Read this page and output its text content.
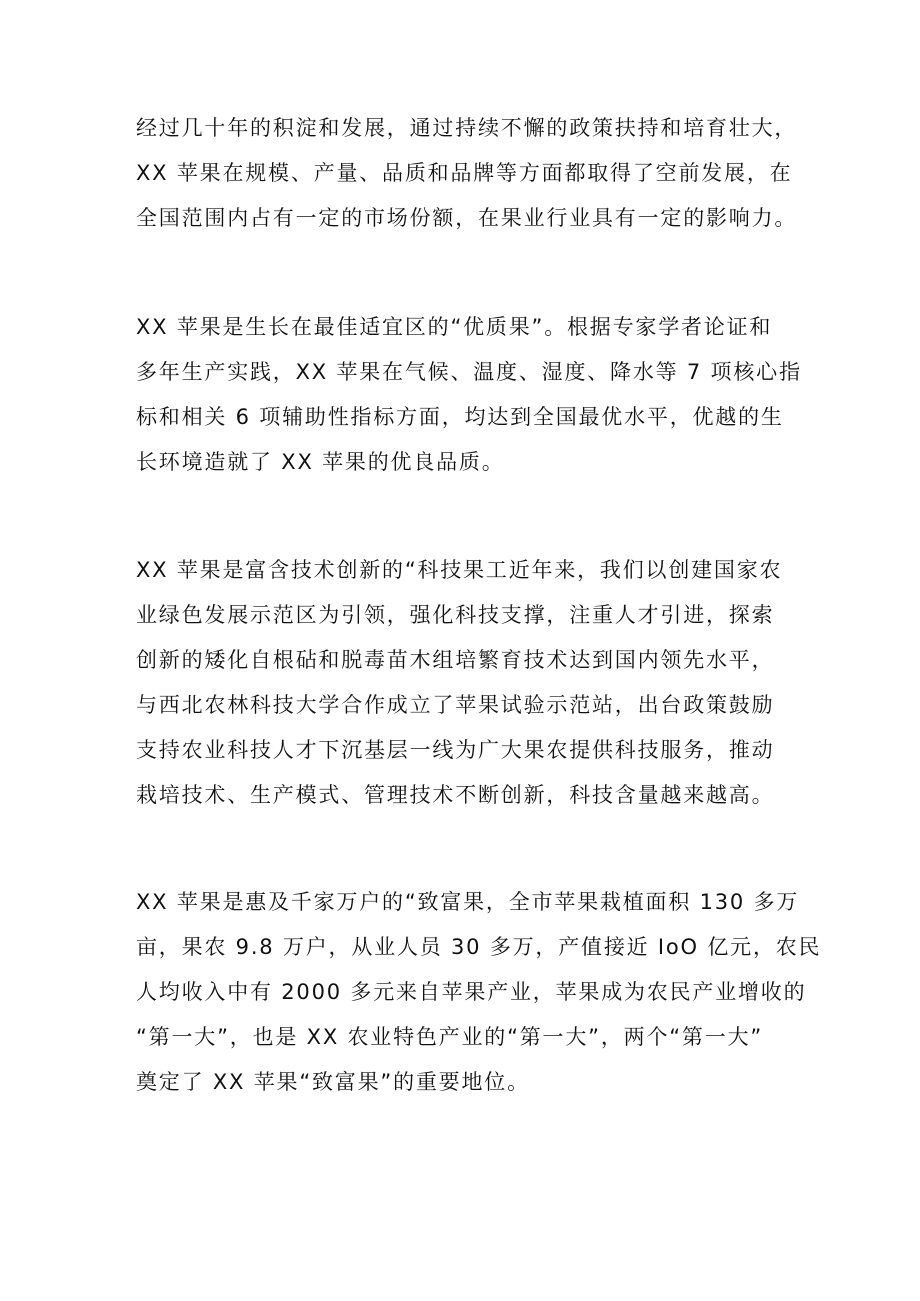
经过几十年的积淀和发展，通过持续不懈的政策扶持和培育壮大，
XX 苹果在规模、产量、品质和品牌等方面都取得了空前发展，在
全国范围内占有一定的市场份额，在果业行业具有一定的影响力。

XX 苹果是生长在最佳适宜区的“优质果”。根据专家学者论证和
多年生产实践，XX 苹果在气候、温度、湿度、降水等 7 项核心指
标和相关 6 项辅助性指标方面，均达到全国最优水平，优越的生
长环境造就了 XX 苹果的优良品质。

XX 苹果是富含技术创新的“科技果工近年来，我们以创建国家农
业绿色发展示范区为引领，强化科技支撑，注重人才引进，探索
创新的矮化自根砧和脱毒苗木组培繁育技术达到国内领先水平，
与西北农林科技大学合作成立了苹果试验示范站，出台政策鼓励
支持农业科技人才下沉基层一线为广大果农提供科技服务，推动
栽培技术、生产模式、管理技术不断创新，科技含量越来越高。

XX 苹果是惠及千家万户的“致富果，全市苹果栽植面积 130 多万
亩，果农 9.8 万户，从业人员 30 多万，产值接近 IoO 亿元，农民
人均收入中有 2000 多元来自苹果产业，苹果成为农民产业增收的
“第一大”，也是 XX 农业特色产业的“第一大”，两个“第一大”
奠定了 XX 苹果“致富果”的重要地位。
